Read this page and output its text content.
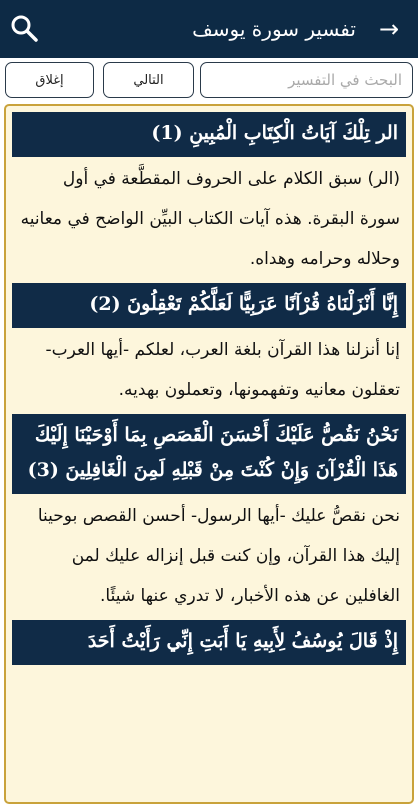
→
تفسير سورة يوسف
إغلاق	التالي
البحث في التفسير
الر تِلْكَ آيَاتُ الْكِتَابِ الْمُبِينِ (1)
(الر) سبق الكلام على الحروف المقطَّعة في أول سورة البقرة. هذه آيات الكتاب البيِّن الواضح في معانيه وحلاله وحرامه وهداه.
إِنَّا أَنْزَلْنَاهُ قُرْآنًا عَرَبِيًّا لَعَلَّكُمْ تَعْقِلُونَ (2)
إنا أنزلنا هذا القرآن بلغة العرب، لعلكم -أيها العرب- تعقلون معانيه وتفهمونها، وتعملون بهديه.
نَحْنُ نَقُصُّ عَلَيْكَ أَحْسَنَ الْقَصَصِ بِمَا أَوْحَيْنَا إِلَيْكَ هَذَا الْقُرْآنَ وَإِنْ كُنْتَ مِنْ قَبْلِهِ لَمِنَ الْغَافِلِينَ (3)
نحن نقصُّ عليك -أيها الرسول- أحسن القصص بوحينا إليك هذا القرآن، وإن كنت قبل إنزاله عليك لمن الغافلين عن هذه الأخبار، لا تدري عنها شيئًا.
إِذْ قَالَ يُوسُفُ لِأَبِيهِ يَا أَبَتِ إِنِّي رَأَيْتُ أَحَدَ
